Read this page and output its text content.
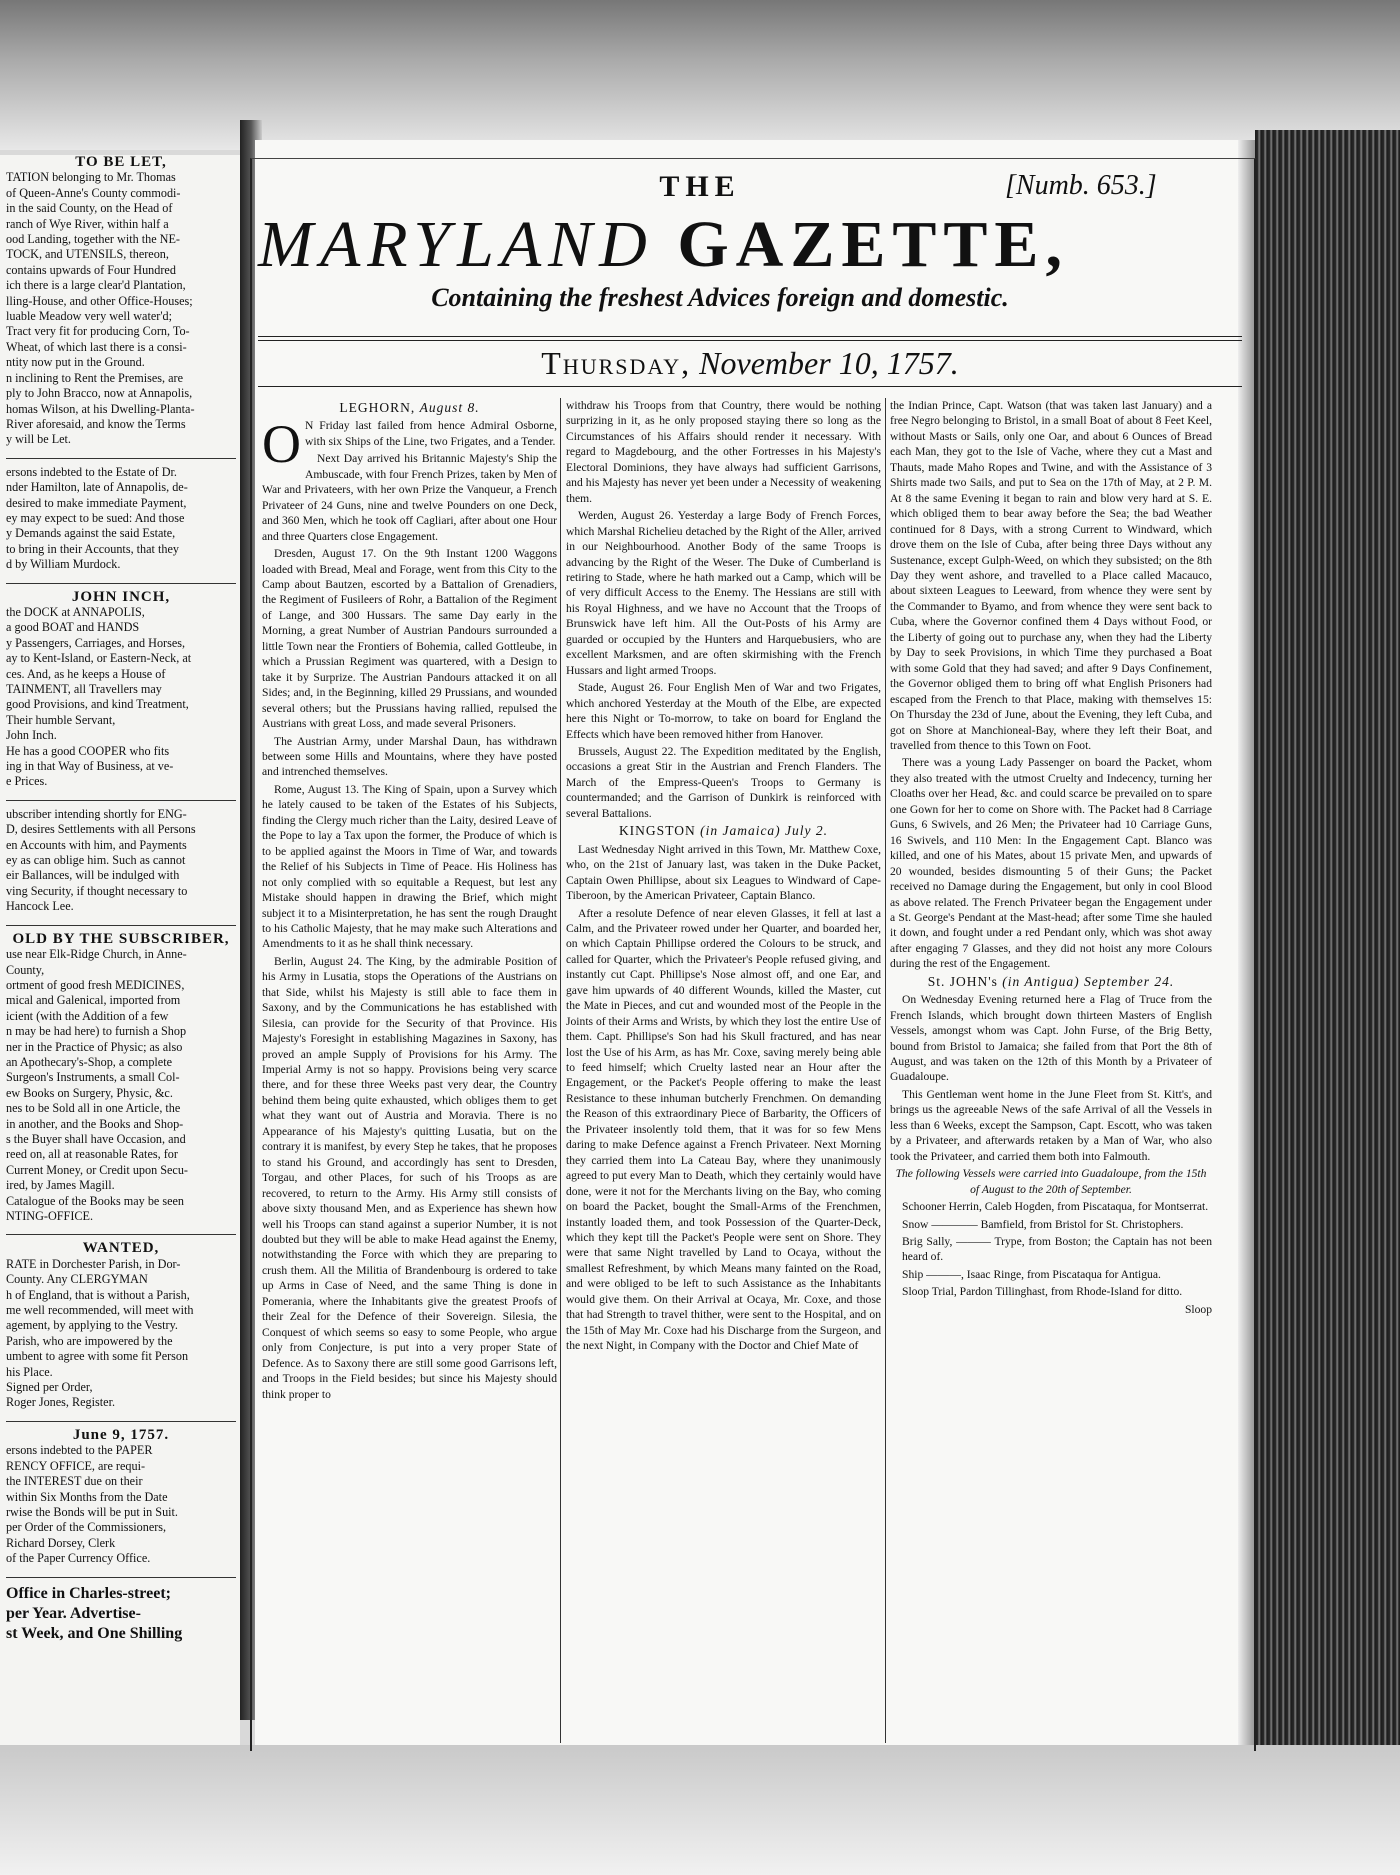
TO BE LET,

TATION belonging to Mr. Thomas

of Queen-Anne's County commodi-

in the said County, on the Head of

ranch of Wye River, within half a

ood Landing, together with the NE-

TOCK, and UTENSILS, thereon,

contains upwards of Four Hundred

ich there is a large clear'd Plantation,

lling-House, and other Office-Houses;

luable Meadow very well water'd;

Tract very fit for producing Corn, To-

Wheat, of which last there is a consi-

ntity now put in the Ground.

n inclining to Rent the Premises, are

ply to John Bracco, now at Annapolis,

homas Wilson, at his Dwelling-Planta-

River aforesaid, and know the Terms

y will be Let.

ersons indebted to the Estate of Dr.

nder Hamilton, late of Annapolis, de-

desired to make immediate Payment,

ey may expect to be sued: And those

y Demands against the said Estate,

to bring in their Accounts, that they

d by William Murdock.

JOHN INCH,

the DOCK at ANNAPOLIS,

a good BOAT and HANDS

y Passengers, Carriages, and Horses,

ay to Kent-Island, or Eastern-Neck, at

ces. And, as he keeps a House of

TAINMENT, all Travellers may

good Provisions, and kind Treatment,

Their humble Servant,

John Inch.

He has a good COOPER who fits

ing in that Way of Business, at ve-

e Prices.

ubscriber intending shortly for ENG-

D, desires Settlements with all Persons

en Accounts with him, and Payments

ey as can oblige him. Such as cannot

eir Ballances, will be indulged with

ving Security, if thought necessary to

Hancock Lee.

OLD BY THE SUBSCRIBER,

use near Elk-Ridge Church, in Anne-

County,

ortment of good fresh MEDICINES,

mical and Galenical, imported from

icient (with the Addition of a few

n may be had here) to furnish a Shop

ner in the Practice of Physic; as also

an Apothecary's-Shop, a complete

Surgeon's Instruments, a small Col-

ew Books on Surgery, Physic, &c.

nes to be Sold all in one Article, the

in another, and the Books and Shop-

s the Buyer shall have Occasion, and

reed on, all at reasonable Rates, for

Current Money, or Credit upon Secu-

ired, by James Magill.

Catalogue of the Books may be seen

NTING-OFFICE.

WANTED,

RATE in Dorchester Parish, in Dor-

County. Any CLERGYMAN

h of England, that is without a Parish,

me well recommended, will meet with

agement, by applying to the Vestry.

Parish, who are impowered by the

umbent to agree with some fit Person

his Place.

Signed per Order,

Roger Jones, Register.

June 9, 1757.

ersons indebted to the PAPER

RENCY OFFICE, are requi-

the INTEREST due on their

within Six Months from the Date

rwise the Bonds will be put in Suit.

per Order of the Commissioners,

Richard Dorsey, Clerk

of the Paper Currency Office.

Office in Charles-street;

per Year. Advertise-

st Week, and One Shilling

THE	[Numb. 653.]
MARYLAND GAZETTE,
Containing the freshest Advices foreign and domestic.
Thursday, November 10, 1757.
LEGHORN, August 8.

O N Friday last failed from hence Admiral Osborne, with six Ships of the Line, two Frigates, and a Tender.

Next Day arrived his Britannic Majesty's Ship the Ambuscade, with four French Prizes, taken by Men of War and Privateers, with her own Prize the Vanqueur, a French Privateer of 24 Guns, nine and twelve Pounders on one Deck, and 360 Men, which he took off Cagliari, after about one Hour and three Quarters close Engagement.

Dresden, August 17. On the 9th Instant 1200 Waggons loaded with Bread, Meal and Forage, went from this City to the Camp about Bautzen, escorted by a Battalion of Grenadiers, the Regiment of Fusileers of Rohr, a Battalion of the Regiment of Lange, and 300 Hussars. The same Day early in the Morning, a great Number of Austrian Pandours surrounded a little Town near the Frontiers of Bohemia, called Gottleube, in which a Prussian Regiment was quartered, with a Design to take it by Surprize. The Austrian Pandours attacked it on all Sides; and, in the Beginning, killed 29 Prussians, and wounded several others; but the Prussians having rallied, repulsed the Austrians with great Loss, and made several Prisoners.

The Austrian Army, under Marshal Daun, has withdrawn between some Hills and Mountains, where they have posted and intrenched themselves.

Rome, August 13. The King of Spain, upon a Survey which he lately caused to be taken of the Estates of his Subjects, finding the Clergy much richer than the Laity, desired Leave of the Pope to lay a Tax upon the former, the Produce of which is to be applied against the Moors in Time of War, and towards the Relief of his Subjects in Time of Peace. His Holiness has not only complied with so equitable a Request, but lest any Mistake should happen in drawing the Brief, which might subject it to a Misinterpretation, he has sent the rough Draught to his Catholic Majesty, that he may make such Alterations and Amendments to it as he shall think necessary.

Berlin, August 24. The King, by the admirable Position of his Army in Lusatia, stops the Operations of the Austrians on that Side, whilst his Majesty is still able to face them in Saxony, and by the Communications he has established with Silesia, can provide for the Security of that Province. His Majesty's Foresight in establishing Magazines in Saxony, has proved an ample Supply of Provisions for his Army. The Imperial Army is not so happy. Provisions being very scarce there, and for these three Weeks past very dear, the Country behind them being quite exhausted, which obliges them to get what they want out of Austria and Moravia. There is no Appearance of his Majesty's quitting Lusatia, but on the contrary it is manifest, by every Step he takes, that he proposes to stand his Ground, and accordingly has sent to Dresden, Torgau, and other Places, for such of his Troops as are recovered, to return to the Army. His Army still consists of above sixty thousand Men, and as Experience has shewn how well his Troops can stand against a superior Number, it is not doubted but they will be able to make Head against the Enemy, notwithstanding the Force with which they are preparing to crush them. All the Militia of Brandenbourg is ordered to take up Arms in Case of Need, and the same Thing is done in Pomerania, where the Inhabitants give the greatest Proofs of their Zeal for the Defence of their Sovereign. Silesia, the Conquest of which seems so easy to some People, who argue only from Conjecture, is put into a very proper State of Defence. As to Saxony there are still some good Garrisons left, and Troops in the Field besides; but since his Majesty should think proper to

withdraw his Troops from that Country, there would be nothing surprizing in it, as he only proposed staying there so long as the Circumstances of his Affairs should render it necessary. With regard to Magdebourg, and the other Fortresses in his Majesty's Electoral Dominions, they have always had sufficient Garrisons, and his Majesty has never yet been under a Necessity of weakening them.

Werden, August 26. Yesterday a large Body of French Forces, which Marshal Richelieu detached by the Right of the Aller, arrived in our Neighbourhood. Another Body of the same Troops is advancing by the Right of the Weser. The Duke of Cumberland is retiring to Stade, where he hath marked out a Camp, which will be of very difficult Access to the Enemy. The Hessians are still with his Royal Highness, and we have no Account that the Troops of Brunswick have left him. All the Out-Posts of his Army are guarded or occupied by the Hunters and Harquebusiers, who are excellent Marksmen, and are often skirmishing with the French Hussars and light armed Troops.

Stade, August 26. Four English Men of War and two Frigates, which anchored Yesterday at the Mouth of the Elbe, are expected here this Night or To-morrow, to take on board for England the Effects which have been removed hither from Hanover.

Brussels, August 22. The Expedition meditated by the English, occasions a great Stir in the Austrian and French Flanders. The March of the Empress-Queen's Troops to Germany is countermanded; and the Garrison of Dunkirk is reinforced with several Battalions.

KINGSTON (in Jamaica) July 2.

Last Wednesday Night arrived in this Town, Mr. Matthew Coxe, who, on the 21st of January last, was taken in the Duke Packet, Captain Owen Phillipse, about six Leagues to Windward of Cape-Tiberoon, by the American Privateer, Captain Blanco.

After a resolute Defence of near eleven Glasses, it fell at last a Calm, and the Privateer rowed under her Quarter, and boarded her, on which Captain Phillipse ordered the Colours to be struck, and called for Quarter, which the Privateer's People refused giving, and instantly cut Capt. Phillipse's Nose almost off, and one Ear, and gave him upwards of 40 different Wounds, killed the Master, cut the Mate in Pieces, and cut and wounded most of the People in the Joints of their Arms and Wrists, by which they lost the entire Use of them. Capt. Phillipse's Son had his Skull fractured, and has near lost the Use of his Arm, as has Mr. Coxe, saving merely being able to feed himself; which Cruelty lasted near an Hour after the Engagement, or the Packet's People offering to make the least Resistance to these inhuman butcherly Frenchmen. On demanding the Reason of this extraordinary Piece of Barbarity, the Officers of the Privateer insolently told them, that it was for so few Mens daring to make Defence against a French Privateer. Next Morning they carried them into La Cateau Bay, where they unanimously agreed to put every Man to Death, which they certainly would have done, were it not for the Merchants living on the Bay, who coming on board the Packet, bought the Small-Arms of the Frenchmen, instantly loaded them, and took Possession of the Quarter-Deck, which they kept till the Packet's People were sent on Shore. They were that same Night travelled by Land to Ocaya, without the smallest Refreshment, by which Means many fainted on the Road, and were obliged to be left to such Assistance as the Inhabitants would give them. On their Arrival at Ocaya, Mr. Coxe, and those that had Strength to travel thither, were sent to the Hospital, and on the 15th of May Mr. Coxe had his Discharge from the Surgeon, and the next Night, in Company with the Doctor and Chief Mate of

the Indian Prince, Capt. Watson (that was taken last January) and a free Negro belonging to Bristol, in a small Boat of about 8 Feet Keel, without Masts or Sails, only one Oar, and about 6 Ounces of Bread each Man, they got to the Isle of Vache, where they cut a Mast and Thauts, made Maho Ropes and Twine, and with the Assistance of 3 Shirts made two Sails, and put to Sea on the 17th of May, at 2 P. M. At 8 the same Evening it began to rain and blow very hard at S. E. which obliged them to bear away before the Sea; the bad Weather continued for 8 Days, with a strong Current to Windward, which drove them on the Isle of Cuba, after being three Days without any Sustenance, except Gulph-Weed, on which they subsisted; on the 8th Day they went ashore, and travelled to a Place called Macauco, about sixteen Leagues to Leeward, from whence they were sent by the Commander to Byamo, and from whence they were sent back to Cuba, where the Governor confined them 4 Days without Food, or the Liberty of going out to purchase any, when they had the Liberty by Day to seek Provisions, in which Time they purchased a Boat with some Gold that they had saved; and after 9 Days Confinement, the Governor obliged them to bring off what English Prisoners had escaped from the French to that Place, making with themselves 15: On Thursday the 23d of June, about the Evening, they left Cuba, and got on Shore at Manchioneal-Bay, where they left their Boat, and travelled from thence to this Town on Foot.

There was a young Lady Passenger on board the Packet, whom they also treated with the utmost Cruelty and Indecency, turning her Cloaths over her Head, &c. and could scarce be prevailed on to spare one Gown for her to come on Shore with. The Packet had 8 Carriage Guns, 6 Swivels, and 26 Men; the Privateer had 10 Carriage Guns, 16 Swivels, and 110 Men: In the Engagement Capt. Blanco was killed, and one of his Mates, about 15 private Men, and upwards of 20 wounded, besides dismounting 5 of their Guns; the Packet received no Damage during the Engagement, but only in cool Blood as above related. The French Privateer began the Engagement under a St. George's Pendant at the Mast-head; after some Time she hauled it down, and fought under a red Pendant only, which was shot away after engaging 7 Glasses, and they did not hoist any more Colours during the rest of the Engagement.

St. JOHN's (in Antigua) September 24.

On Wednesday Evening returned here a Flag of Truce from the French Islands, which brought down thirteen Masters of English Vessels, amongst whom was Capt. John Furse, of the Brig Betty, bound from Bristol to Jamaica; she failed from that Port the 8th of August, and was taken on the 12th of this Month by a Privateer of Guadaloupe.

This Gentleman went home in the June Fleet from St. Kitt's, and brings us the agreeable News of the safe Arrival of all the Vessels in less than 6 Weeks, except the Sampson, Capt. Escott, who was taken by a Privateer, and afterwards retaken by a Man of War, who also took the Privateer, and carried them both into Falmouth.

The following Vessels were carried into Guadaloupe, from the 15th of August to the 20th of September.

Schooner Herrin, Caleb Hogden, from Piscataqua, for Montserrat.

Snow ———— Bamfield, from Bristol for St. Christophers.

Brig Sally, ——— Trype, from Boston; the Captain has not been heard of.

Ship ———, Isaac Ringe, from Piscataqua for Antigua.

Sloop Trial, Pardon Tillinghast, from Rhode-Island for ditto.

Sloop
